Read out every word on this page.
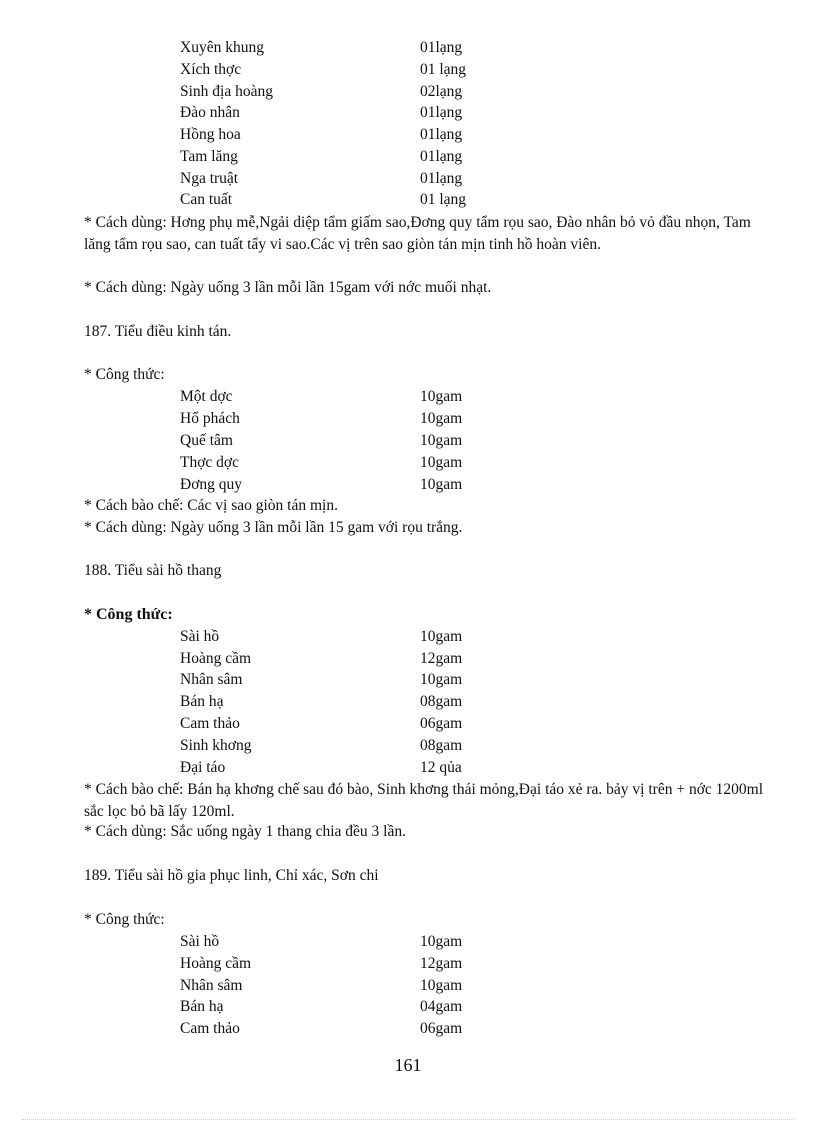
Xuyên khung	01lạng
Xích thợc	01 lạng
Sinh địa hoàng	02lạng
Đào nhân	01lạng
Hồng hoa	01lạng
Tam lăng	01lạng
Nga truật	01lạng
Can tuất	01 lạng
* Cách dùng: Hơng phụ mễ,Ngải diệp tẩm giấm sao,Đơng quy tẩm rọu sao, Đào nhân bỏ vỏ đầu nhọn, Tam lăng tẩm rọu sao, can tuất tẩy vi sao.Các vị trên sao giòn tán mịn tinh hồ hoàn viên.
* Cách dùng: Ngày uống 3 lần mỗi lần 15gam với nớc muối nhạt.
187. Tiểu điều kinh tán.
* Công thức:
Một dợc	10gam
Hổ phách	10gam
Quế tâm	10gam
Thợc dợc	10gam
Đơng quy	10gam
* Cách bào chế: Các vị sao giòn tán mịn.
* Cách dùng: Ngày uống 3 lần mỗi lần 15 gam với rọu trắng.
188. Tiểu sài hồ thang
* Công thức:
Sài hồ	10gam
Hoàng cầm	12gam
Nhân sâm	10gam
Bán hạ	08gam
Cam thảo	06gam
Sinh khơng	08gam
Đại táo	12 qủa
* Cách bào chế: Bán hạ khơng chế sau đó bào, Sinh khơng thái mỏng,Đại táo xẻ ra. bảy vị trên + nớc 1200ml sắc lọc bỏ bã lấy 120ml.
* Cách dùng: Sắc uống ngày 1 thang chia đều 3 lần.
189. Tiểu sài hồ gia phục linh, Chỉ xác, Sơn chi
* Công thức:
Sài hồ	10gam
Hoàng cầm	12gam
Nhân sâm	10gam
Bán hạ	04gam
Cam thảo	06gam
161
